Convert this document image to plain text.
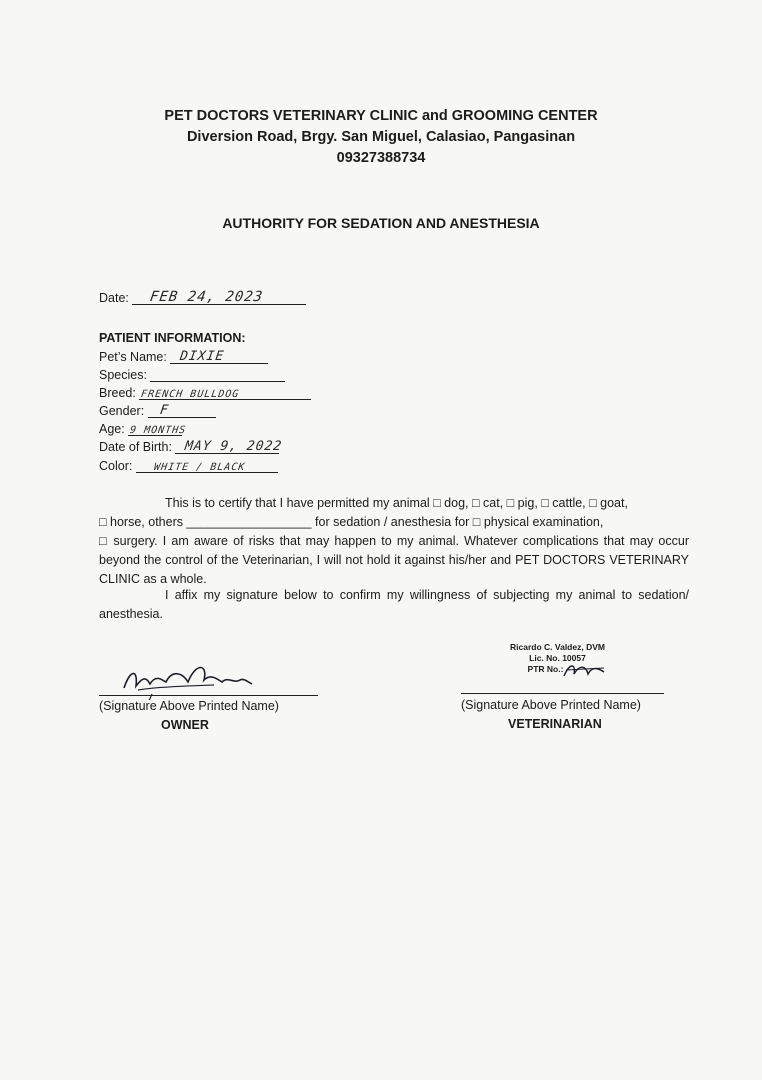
PET DOCTORS VETERINARY CLINIC and GROOMING CENTER
Diversion Road, Brgy. San Miguel, Calasiao, Pangasinan
09327388734
AUTHORITY FOR SEDATION AND ANESTHESIA
Date: FEB 24, 2023
PATIENT INFORMATION:
Pet’s Name: DIXIE
Species:
Breed: FRENCH BULLDOG
Gender: F
Age: 9 MONTHS
Date of Birth: MAY 9, 2022
Color: WHITE / BLACK
This is to certify that I have permitted my animal □ dog, □ cat, □ pig, □ cattle, □ goat,
□ horse, others __________________ for sedation / anesthesia for □ physical examination,
□ surgery. I am aware of risks that may happen to my animal. Whatever complications that may occur beyond the control of the Veterinarian, I will not hold it against his/her and PET DOCTORS VETERINARY CLINIC as a whole.
I affix my signature below to confirm my willingness of subjecting my animal to sedation/ anesthesia.
(Signature Above Printed Name)
OWNER
Ricardo C. Valdez, DVM
Lic. No. 10057
PTR No.:
(Signature Above Printed Name)
VETERINARIAN
